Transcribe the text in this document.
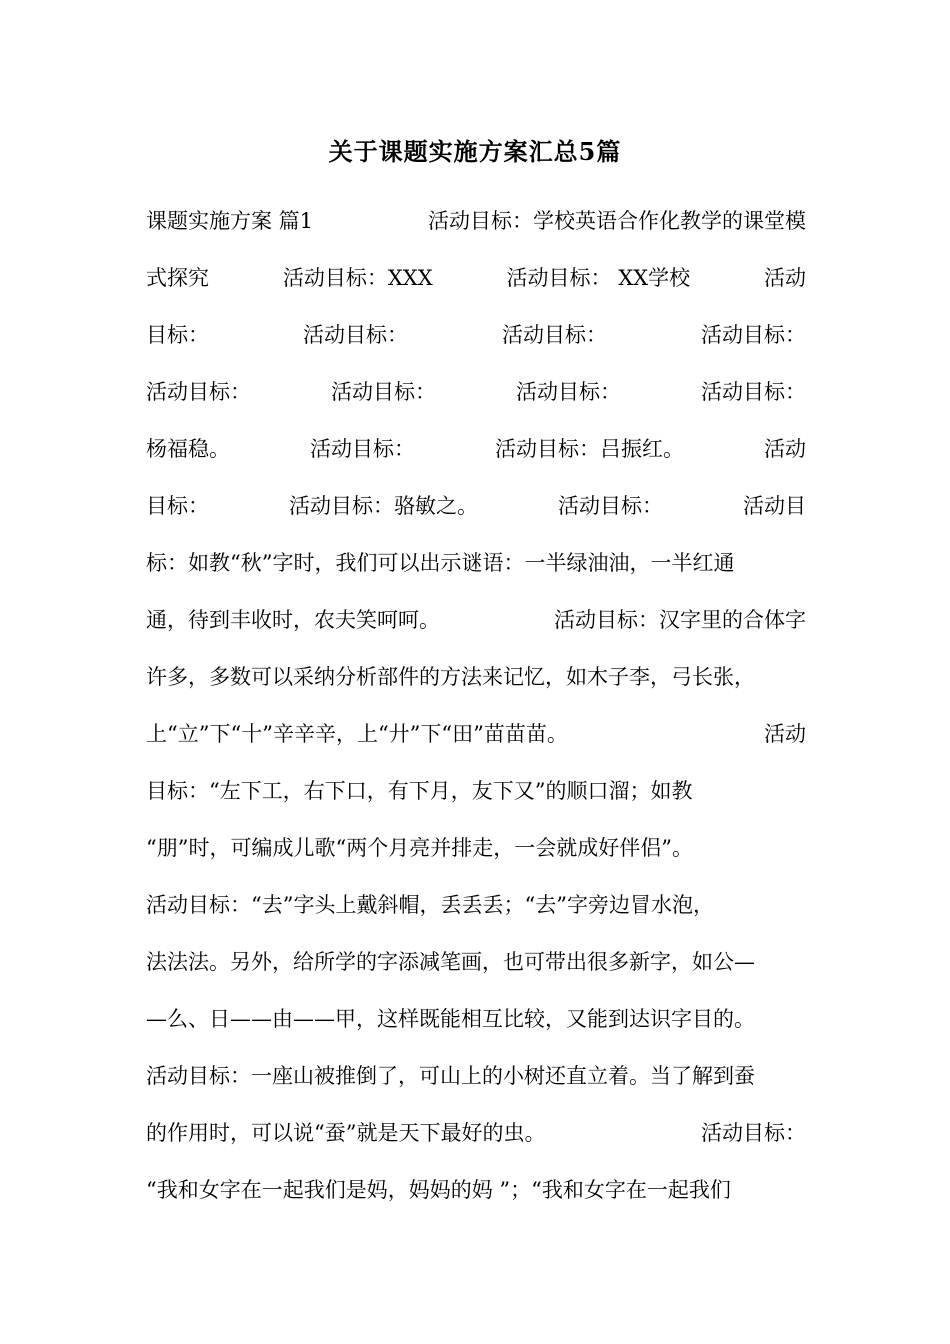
关于课题实施方案汇总5篇
课题实施方案 篇1	活动目标：学校英语合作化教学的课堂模
式探究	活动目标：XXX	活动目标： XX学校	活动
目标：	活动目标：	活动目标：	活动目标：
活动目标：	活动目标：	活动目标：	活动目标：
杨福稳。	活动目标：	活动目标：吕振红。	活动
目标：	活动目标：骆敏之。	活动目标：	活动目
标：如教“秋”字时，我们可以出示谜语：一半绿油油，一半红通
通，待到丰收时，农夫笑呵呵。	活动目标：汉字里的合体字
许多，多数可以采纳分析部件的方法来记忆，如木子李，弓长张，
上“立”下“十”辛辛辛，上“廾”下“田”苗苗苗。	活动
目标：“左下工，右下口，有下月，友下又”的顺口溜；如教
“朋”时，可编成儿歌“两个月亮并排走，一会就成好伴侣”。
活动目标：“去”字头上戴斜帽，丢丢丢；“去”字旁边冒水泡，
法法法。另外，给所学的字添减笔画，也可带出很多新字，如公—
—么、日——由——甲，这样既能相互比较，又能到达识字目的。
活动目标：一座山被推倒了，可山上的小树还直立着。当了解到蚕
的作用时，可以说“蚕”就是天下最好的虫。	活动目标：
“我和女字在一起我们是妈，妈妈的妈 ”；“我和女字在一起我们
